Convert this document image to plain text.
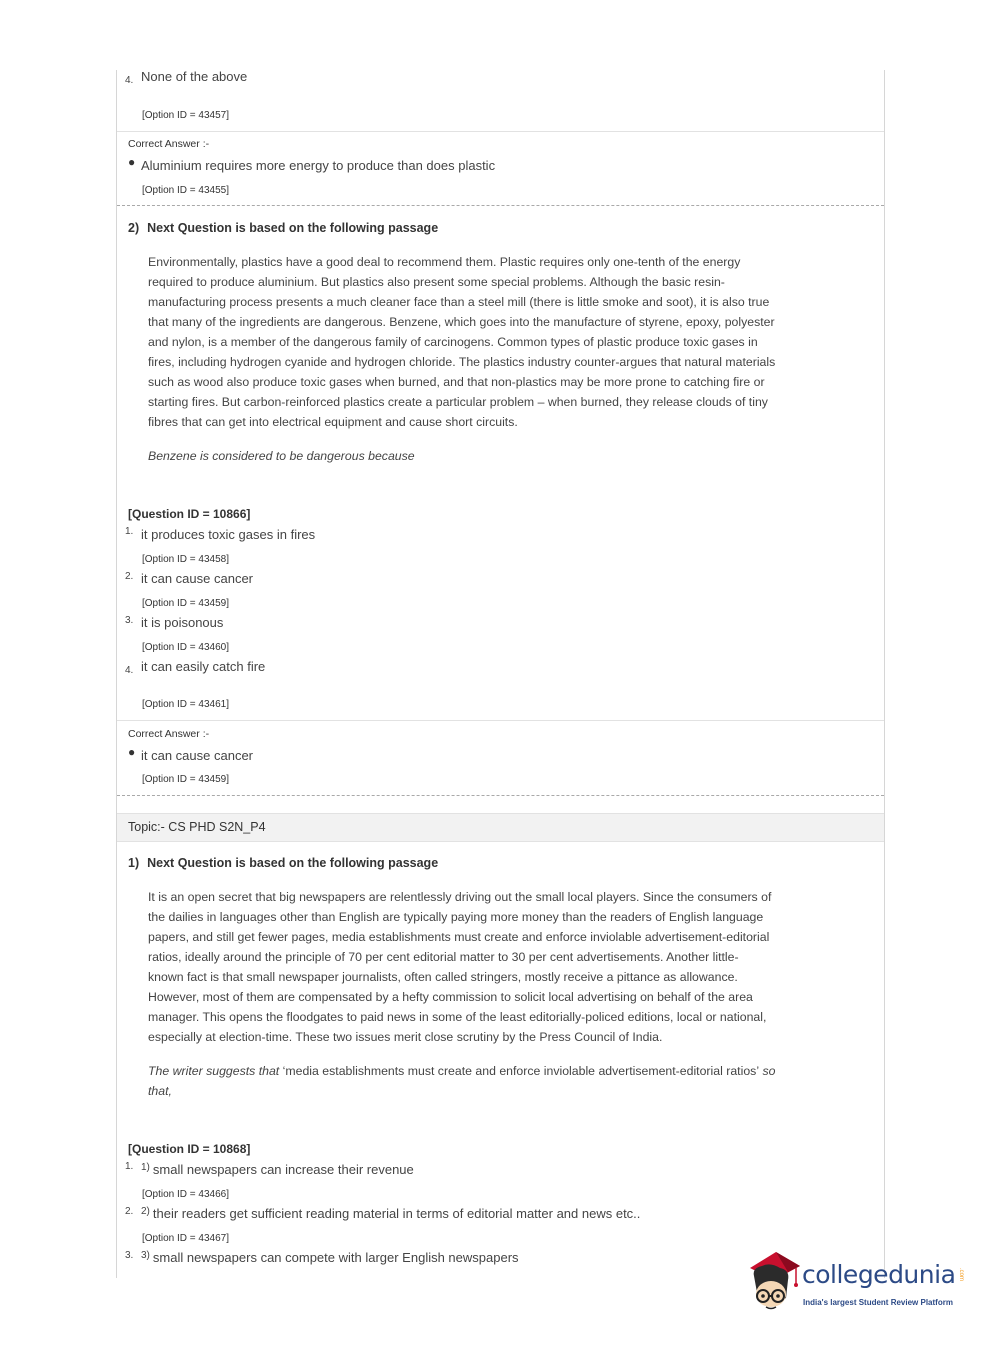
4. None of the above
[Option ID = 43457]
Correct Answer :-
● Aluminium requires more energy to produce than does plastic
[Option ID = 43455]
2) Next Question is based on the following passage
Environmentally, plastics have a good deal to recommend them. Plastic requires only one-tenth of the energy
required to produce aluminium. But plastics also present some special problems. Although the basic resin-
manufacturing process presents a much cleaner face than a steel mill (there is little smoke and soot), it is also true
that many of the ingredients are dangerous. Benzene, which goes into the manufacture of styrene, epoxy, polyester
and nylon, is a member of the dangerous family of carcinogens. Common types of plastic produce toxic gases in
fires, including hydrogen cyanide and hydrogen chloride. The plastics industry counter-argues that natural materials
such as wood also produce toxic gases when burned, and that non-plastics may be more prone to catching fire or
starting fires. But carbon-reinforced plastics create a particular problem – when burned, they release clouds of tiny
fibres that can get into electrical equipment and cause short circuits.
Benzene is considered to be dangerous because
[Question ID = 10866]
1. it produces toxic gases in fires
[Option ID = 43458]
2. it can cause cancer
[Option ID = 43459]
3. it is poisonous
[Option ID = 43460]
4. it can easily catch fire
[Option ID = 43461]
Correct Answer :-
● it can cause cancer
[Option ID = 43459]
Topic:- CS PHD S2N_P4
1) Next Question is based on the following passage
It is an open secret that big newspapers are relentlessly driving out the small local players. Since the consumers of
the dailies in languages other than English are typically paying more money than the readers of English language
papers, and still get fewer pages, media establishments must create and enforce inviolable advertisement-editorial
ratios, ideally around the principle of 70 per cent editorial matter to 30 per cent advertisements. Another little-
known fact is that small newspaper journalists, often called stringers, mostly receive a pittance as allowance.
However, most of them are compensated by a hefty commission to solicit local advertising on behalf of the area
manager. This opens the floodgates to paid news in some of the least editorially-policed editions, local or national,
especially at election-time. These two issues merit close scrutiny by the Press Council of India.
The writer suggests that ‘media establishments must create and enforce inviolable advertisement-editorial ratios’ so
that,
[Question ID = 10868]
1. $^{1)}$ small newspapers can increase their revenue
[Option ID = 43466]
2. $^{2)}$ their readers get sufficient reading material in terms of editorial matter and news etc..
[Option ID = 43467]
3. $^{3)}$ small newspapers can compete with larger English newspapers
collegedunia .com
India's largest Student Review Platform
